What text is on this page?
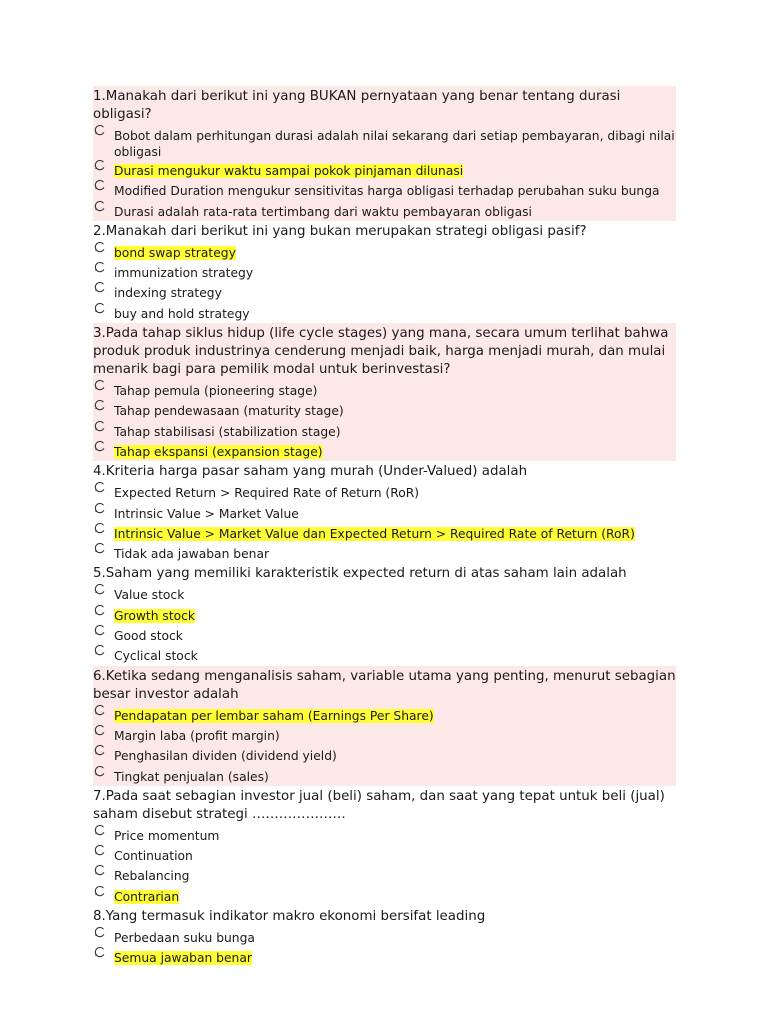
1.Manakah dari berikut ini yang BUKAN pernyataan yang benar tentang durasi obligasi?
Bobot dalam perhitungan durasi adalah nilai sekarang dari setiap pembayaran, dibagi nilai obligasi
Durasi mengukur waktu sampai pokok pinjaman dilunasi
Modified Duration mengukur sensitivitas harga obligasi terhadap perubahan suku bunga
Durasi adalah rata-rata tertimbang dari waktu pembayaran obligasi
2.Manakah dari berikut ini yang bukan merupakan strategi obligasi pasif?
bond swap strategy
immunization strategy
indexing strategy
buy and hold strategy
3.Pada tahap siklus hidup (life cycle stages) yang mana, secara umum terlihat bahwa produk produk industrinya cenderung menjadi baik, harga menjadi murah, dan mulai menarik bagi para pemilik modal untuk berinvestasi?
Tahap pemula (pioneering stage)
Tahap pendewasaan (maturity stage)
Tahap stabilisasi (stabilization stage)
Tahap ekspansi (expansion stage)
4.Kriteria harga pasar saham yang murah (Under-Valued) adalah
Expected Return > Required Rate of Return (RoR)
Intrinsic Value > Market Value
Intrinsic Value > Market Value dan Expected Return > Required Rate of Return (RoR)
Tidak ada jawaban benar
5.Saham yang memiliki karakteristik expected return di atas saham lain adalah
Value stock
Growth stock
Good stock
Cyclical stock
6.Ketika sedang menganalisis saham, variable utama yang penting, menurut sebagian besar investor adalah
Pendapatan per lembar saham (Earnings Per Share)
Margin laba (profit margin)
Penghasilan dividen (dividend yield)
Tingkat penjualan (sales)
7.Pada saat sebagian investor jual (beli) saham, dan saat yang tepat untuk beli (jual) saham disebut strategi …………………
Price momentum
Continuation
Rebalancing
Contrarian
8.Yang termasuk indikator makro ekonomi bersifat leading
Perbedaan suku bunga
Semua jawaban benar
